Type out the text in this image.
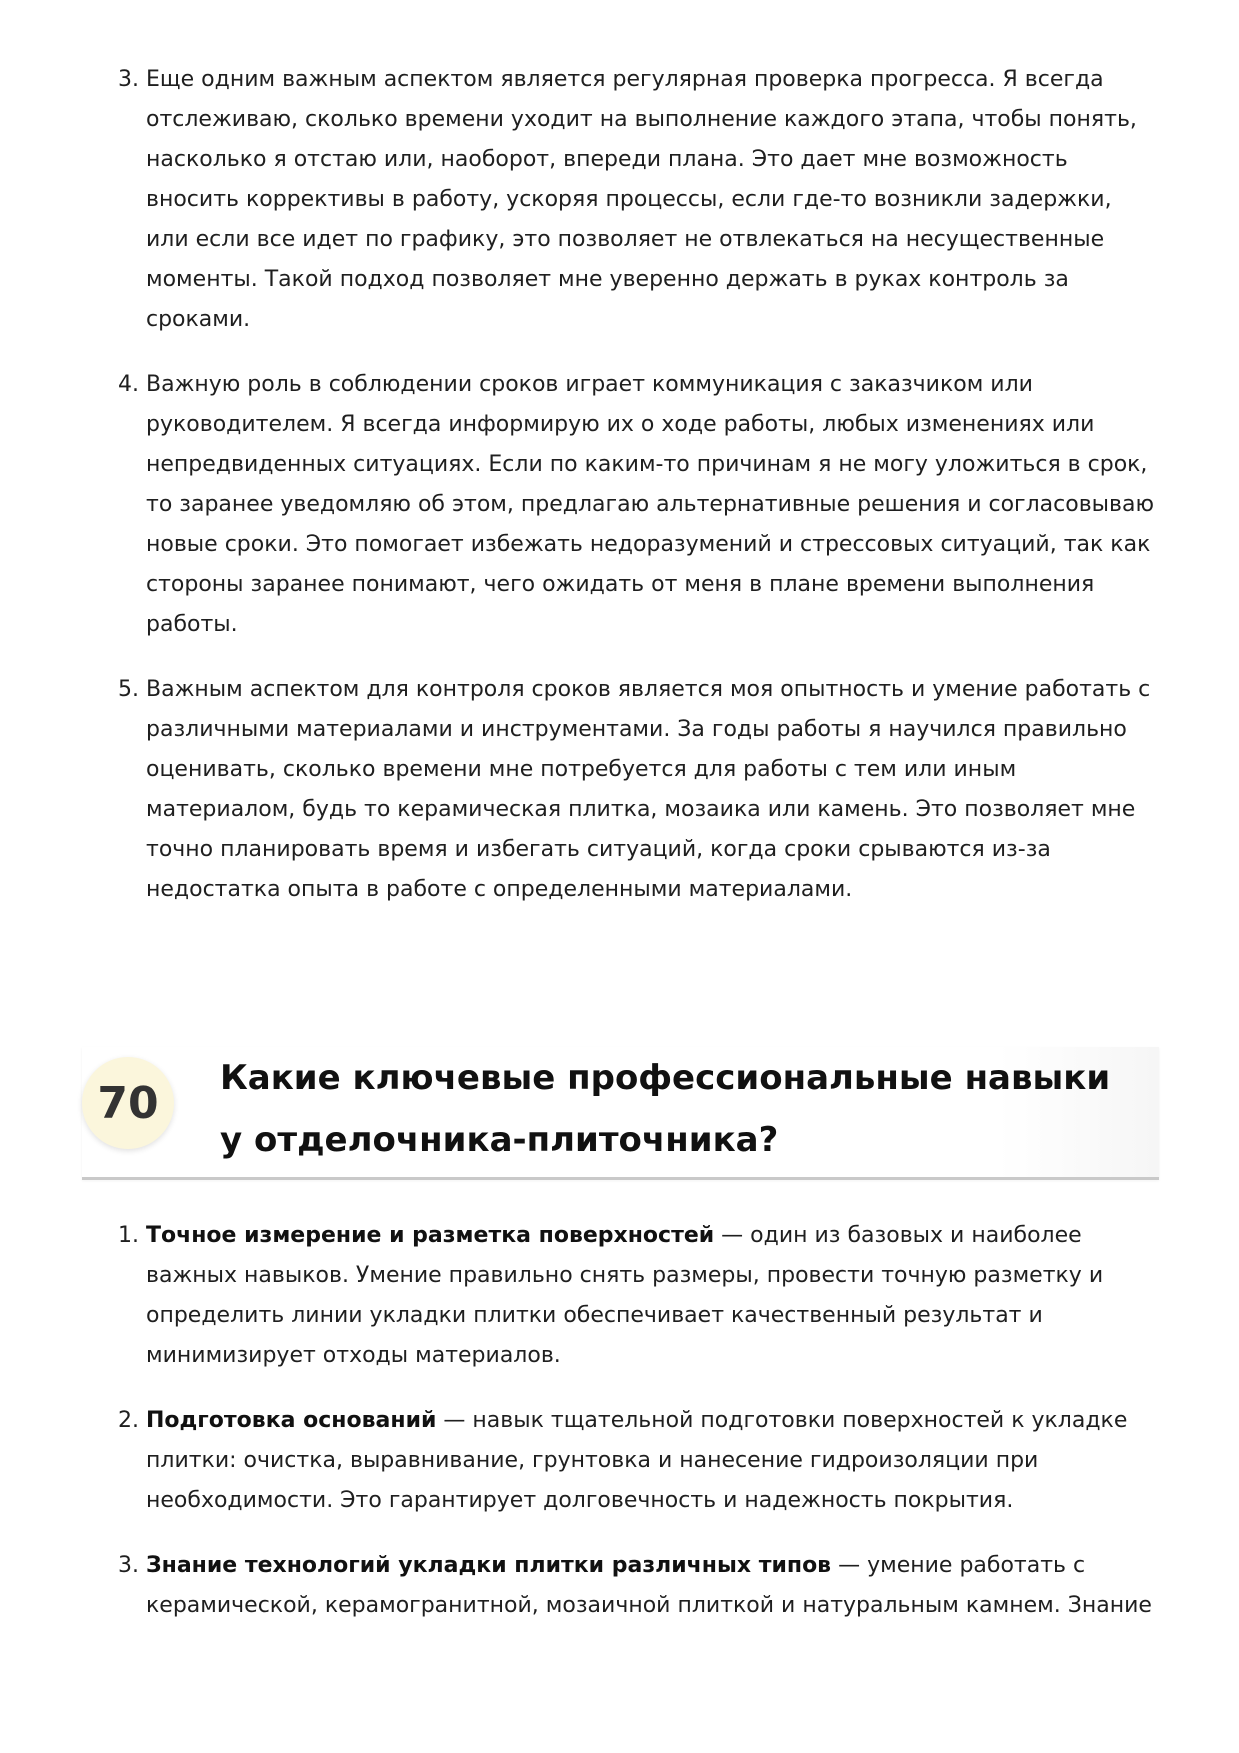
3. Еще одним важным аспектом является регулярная проверка прогресса. Я всегда отслеживаю, сколько времени уходит на выполнение каждого этапа, чтобы понять, насколько я отстаю или, наоборот, впереди плана. Это дает мне возможность вносить коррективы в работу, ускоряя процессы, если где-то возникли задержки, или если все идет по графику, это позволяет не отвлекаться на несущественные моменты. Такой подход позволяет мне уверенно держать в руках контроль за сроками.
4. Важную роль в соблюдении сроков играет коммуникация с заказчиком или руководителем. Я всегда информирую их о ходе работы, любых изменениях или непредвиденных ситуациях. Если по каким-то причинам я не могу уложиться в срок, то заранее уведомляю об этом, предлагаю альтернативные решения и согласовываю новые сроки. Это помогает избежать недоразумений и стрессовых ситуаций, так как стороны заранее понимают, чего ожидать от меня в плане времени выполнения работы.
5. Важным аспектом для контроля сроков является моя опытность и умение работать с различными материалами и инструментами. За годы работы я научился правильно оценивать, сколько времени мне потребуется для работы с тем или иным материалом, будь то керамическая плитка, мозаика или камень. Это позволяет мне точно планировать время и избегать ситуаций, когда сроки срываются из-за недостатка опыта в работе с определенными материалами.
70	Какие ключевые профессиональные навыки у отделочника-плиточника?
1. Точное измерение и разметка поверхностей — один из базовых и наиболее важных навыков. Умение правильно снять размеры, провести точную разметку и определить линии укладки плитки обеспечивает качественный результат и минимизирует отходы материалов.
2. Подготовка оснований — навык тщательной подготовки поверхностей к укладке плитки: очистка, выравнивание, грунтовка и нанесение гидроизоляции при необходимости. Это гарантирует долговечность и надежность покрытия.
3. Знание технологий укладки плитки различных типов — умение работать с керамической, керамогранитной, мозаичной плиткой и натуральным камнем. Знание
